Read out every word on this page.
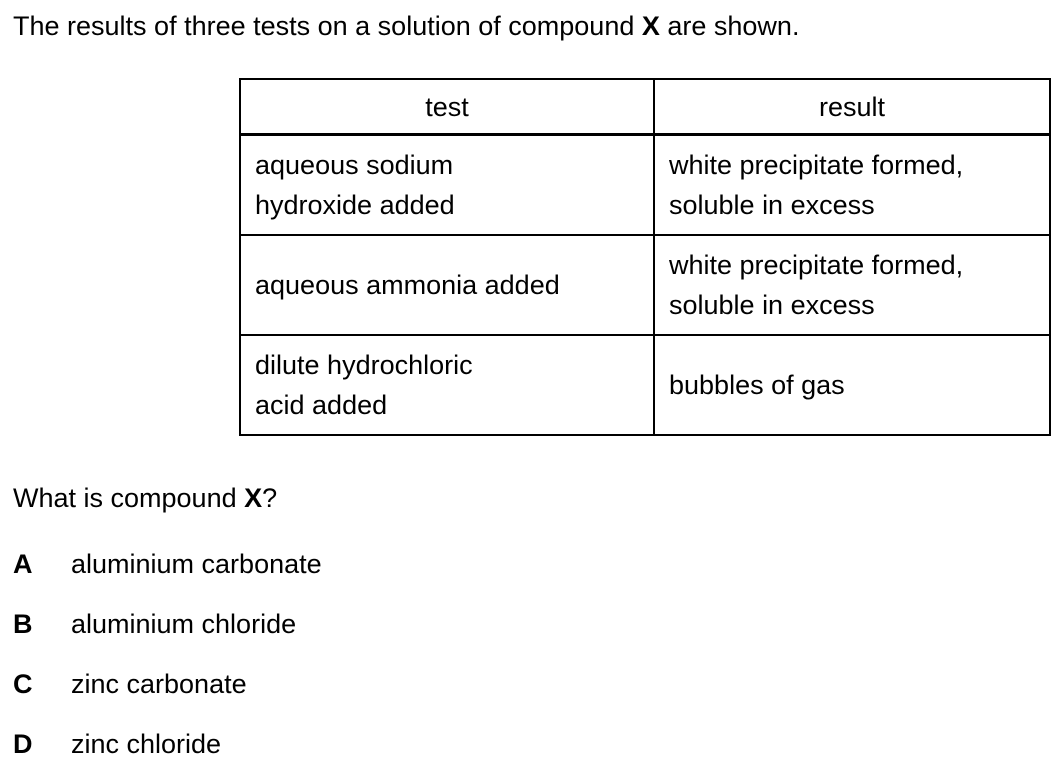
The results of three tests on a solution of compound X are shown.
test	result

aqueous sodium
hydroxide added	white precipitate formed,
soluble in excess

aqueous ammonia added	white precipitate formed,
soluble in excess

dilute hydrochloric
acid added	bubbles of gas
What is compound X?
A aluminium carbonate
B aluminium chloride
C zinc carbonate
D zinc chloride
